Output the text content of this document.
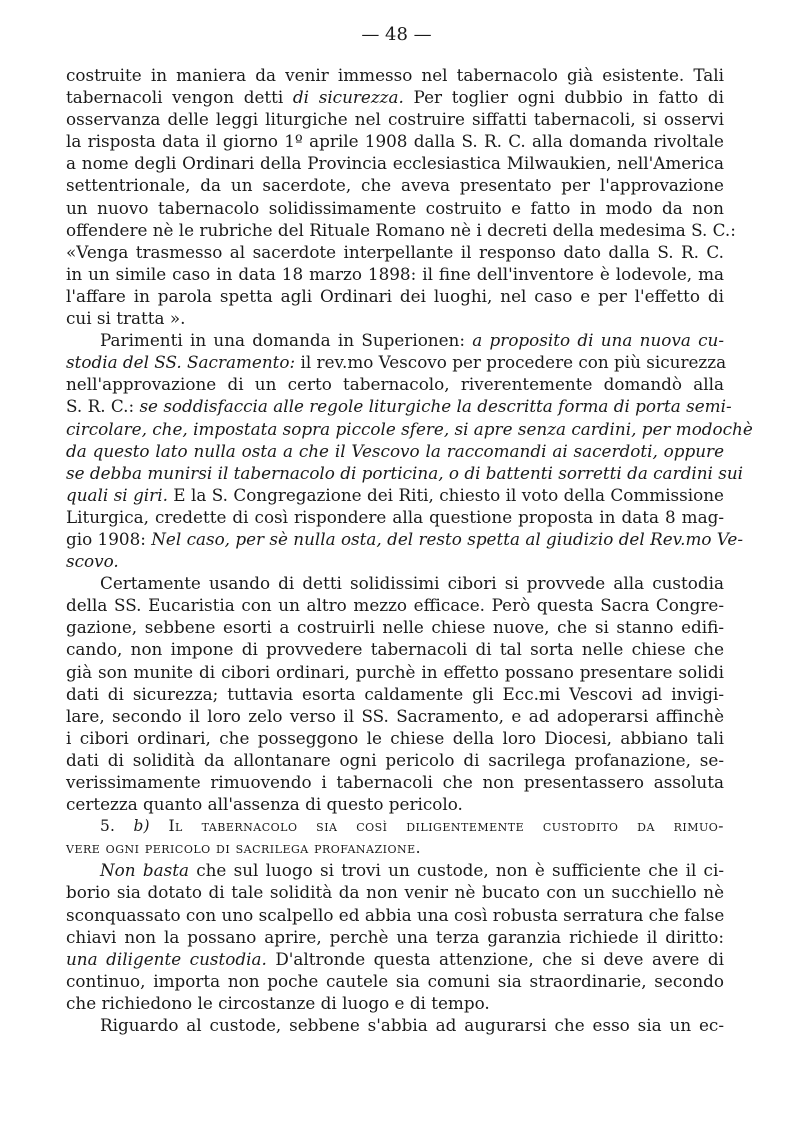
— 48 —
costruite in maniera da venir immesso nel tabernacolo già esistente. Tali
tabernacoli vengon detti di sicurezza. Per toglier ogni dubbio in fatto di
osservanza delle leggi liturgiche nel costruire siffatti tabernacoli, si osservi
la risposta data il giorno 1º aprile 1908 dalla S. R. C. alla domanda rivoltale
a nome degli Ordinari della Provincia ecclesiastica Milwaukien, nell'America
settentrionale, da un sacerdote, che aveva presentato per l'approvazione
un nuovo tabernacolo solidissimamente costruito e fatto in modo da non
offendere nè le rubriche del Rituale Romano nè i decreti della medesima S. C.:
«Venga trasmesso al sacerdote interpellante il responso dato dalla S. R. C.
in un simile caso in data 18 marzo 1898: il fine dell'inventore è lodevole, ma
l'affare in parola spetta agli Ordinari dei luoghi, nel caso e per l'effetto di
cui si tratta ».
Parimenti in una domanda in Superionen: a proposito di una nuova cu-
stodia del SS. Sacramento: il rev.mo Vescovo per procedere con più sicurezza
nell'approvazione di un certo tabernacolo, riverentemente domandò alla
S. R. C.: se soddisfaccia alle regole liturgiche la descritta forma di porta semi-
circolare, che, impostata sopra piccole sfere, si apre senza cardini, per modochè
da questo lato nulla osta a che il Vescovo la raccomandi ai sacerdoti, oppure
se debba munirsi il tabernacolo di porticina, o di battenti sorretti da cardini sui
quali si giri. E la S. Congregazione dei Riti, chiesto il voto della Commissione
Liturgica, credette di così rispondere alla questione proposta in data 8 mag-
gio 1908: Nel caso, per sè nulla osta, del resto spetta al giudizio del Rev.mo Ve-
scovo.
Certamente usando di detti solidissimi cibori si provvede alla custodia
della SS. Eucaristia con un altro mezzo efficace. Però questa Sacra Congre-
gazione, sebbene esorti a costruirli nelle chiese nuove, che si stanno edifi-
cando, non impone di provvedere tabernacoli di tal sorta nelle chiese che
già son munite di cibori ordinari, purchè in effetto possano presentare solidi
dati di sicurezza; tuttavia esorta caldamente gli Ecc.mi Vescovi ad invigi-
lare, secondo il loro zelo verso il SS. Sacramento, e ad adoperarsi affinchè
i cibori ordinari, che posseggono le chiese della loro Diocesi, abbiano tali
dati di solidità da allontanare ogni pericolo di sacrilega profanazione, se-
verissimamente rimuovendo i tabernacoli che non presentassero assoluta
certezza quanto all'assenza di questo pericolo.
5. b) Il tabernacolo sia così diligentemente custodito da rimuo-
vere ogni pericolo di sacrilega profanazione.
Non basta che sul luogo si trovi un custode, non è sufficiente che il ci-
borio sia dotato di tale solidità da non venir nè bucato con un succhiello nè
sconquassato con uno scalpello ed abbia una così robusta serratura che false
chiavi non la possano aprire, perchè una terza garanzia richiede il diritto:
una diligente custodia. D'altronde questa attenzione, che si deve avere di
continuo, importa non poche cautele sia comuni sia straordinarie, secondo
che richiedono le circostanze di luogo e di tempo.
Riguardo al custode, sebbene s'abbia ad augurarsi che esso sia un ec-
